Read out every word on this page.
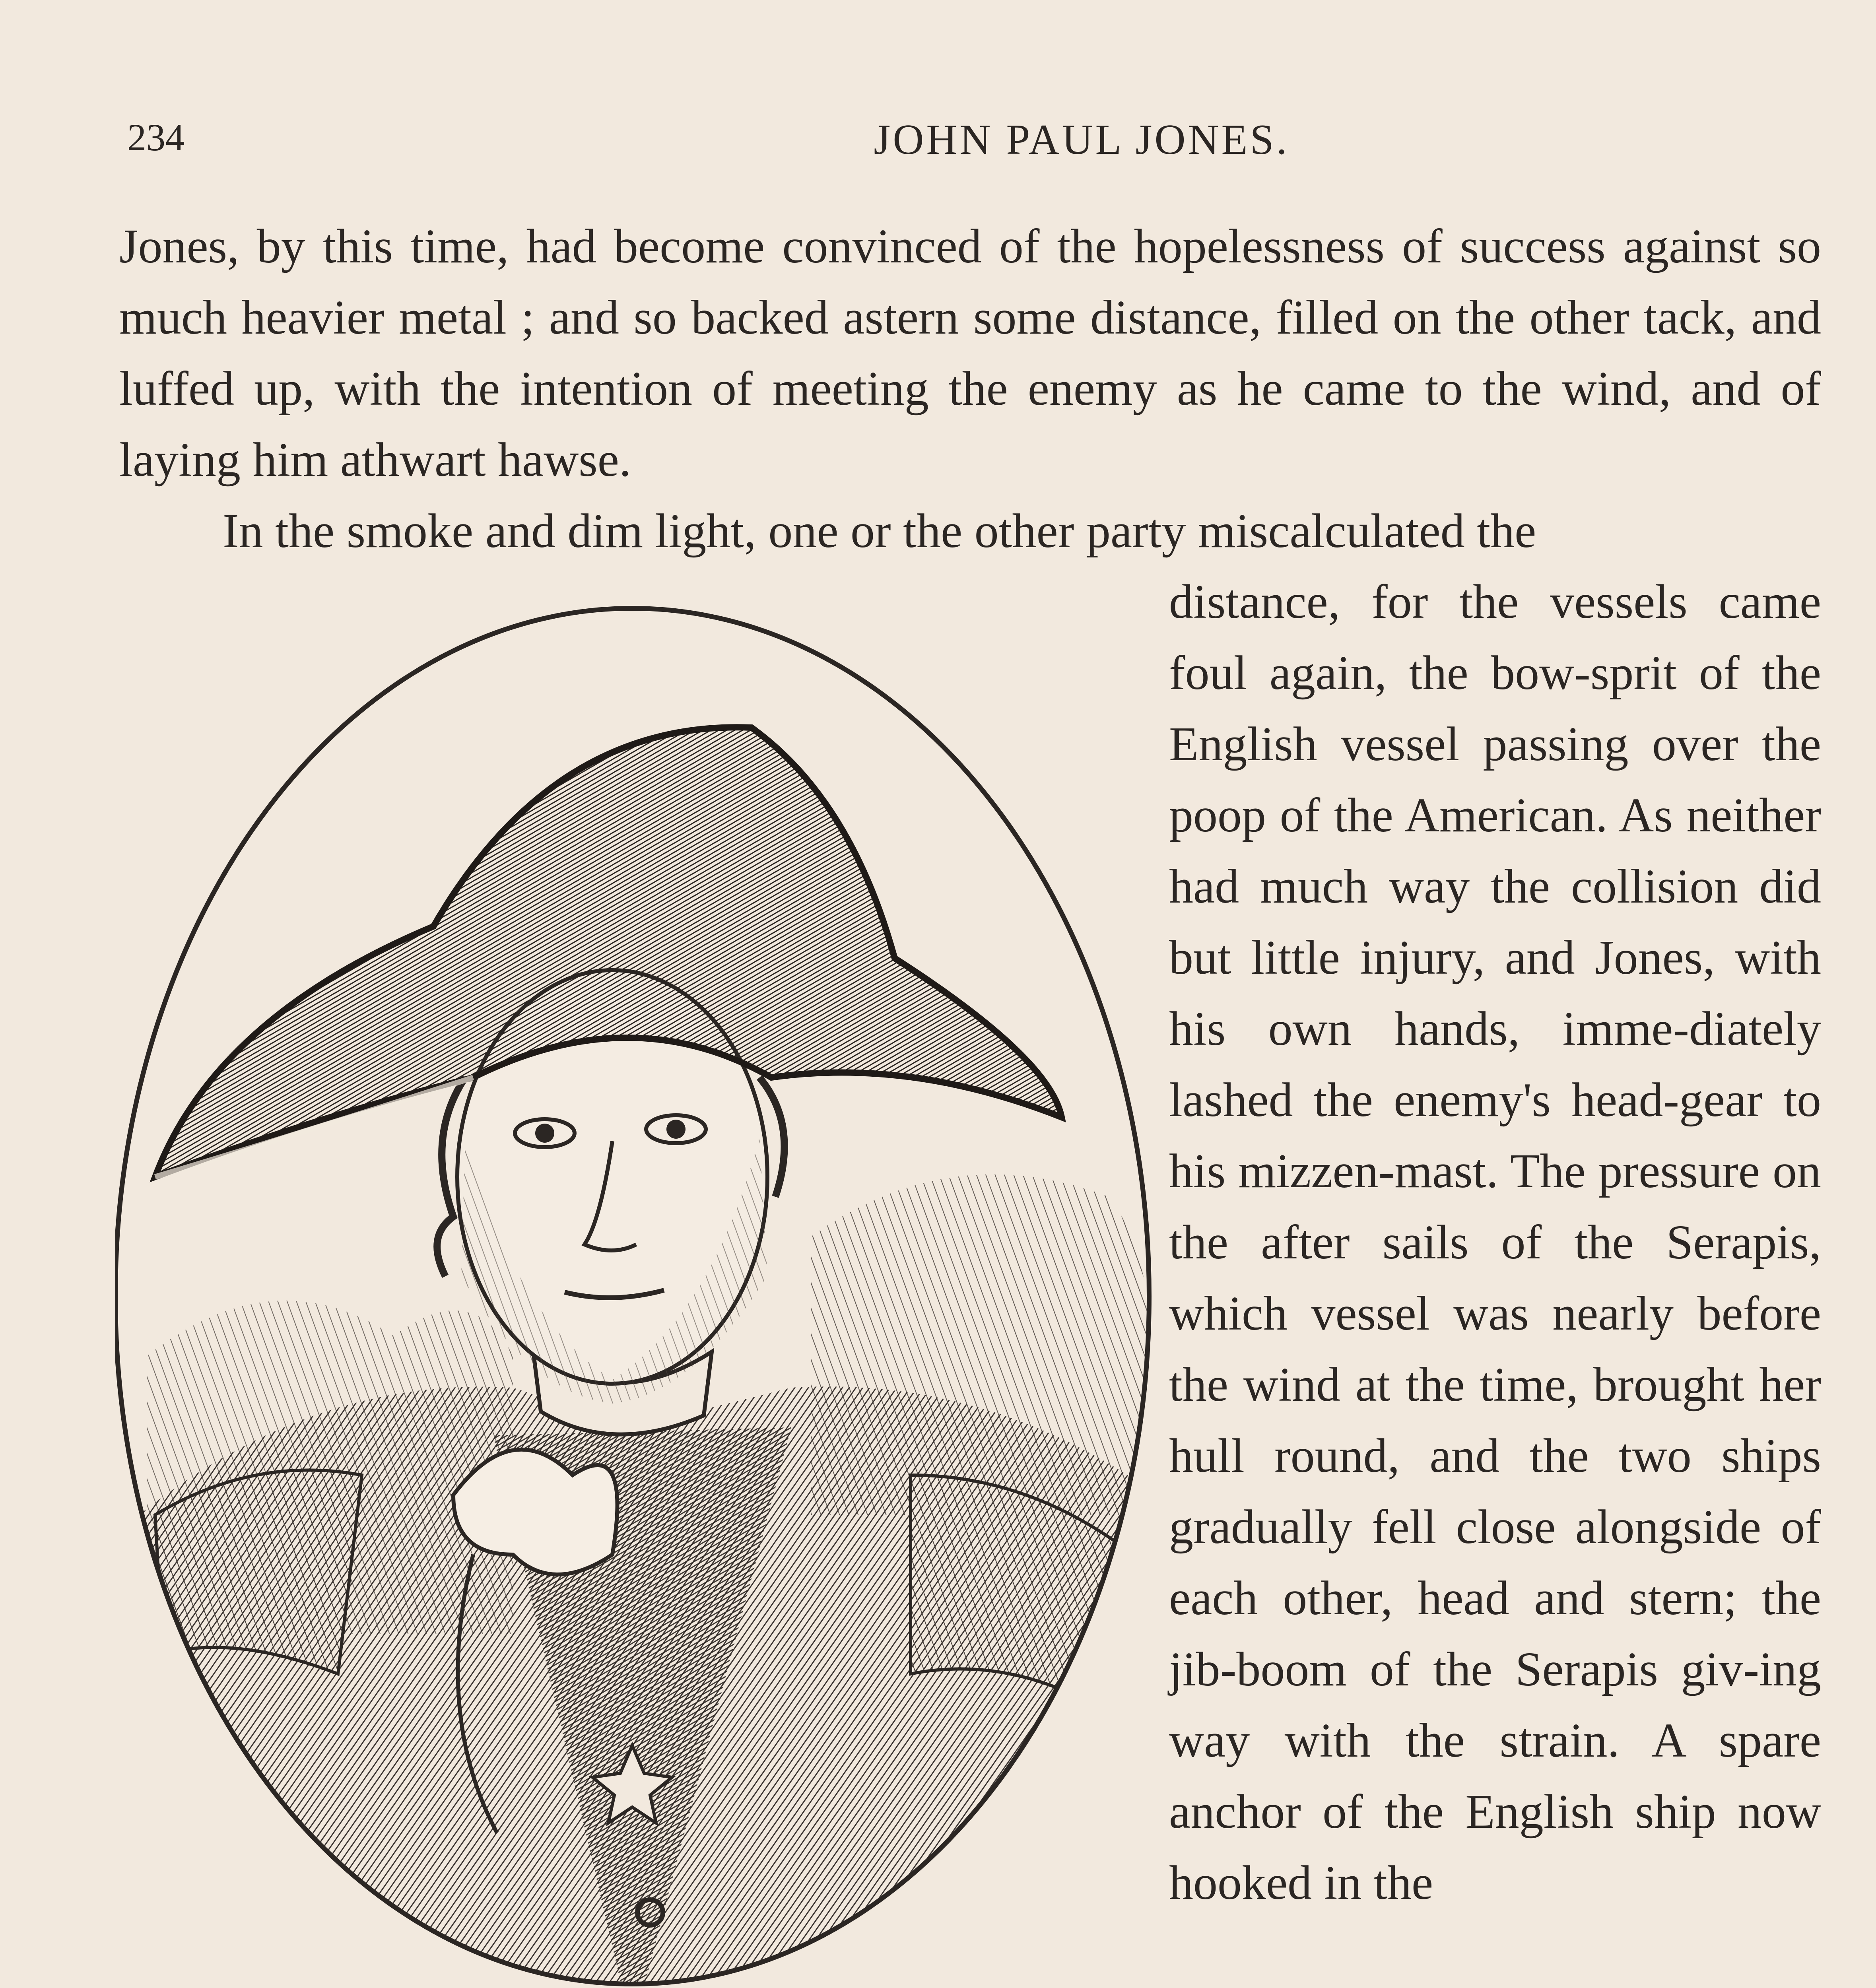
234	JOHN PAUL JONES.

Jones, by this time, had become convinced of the hopelessness of success against so much heavier metal ; and so backed astern some distance, filled on the other tack, and luffed up, with the intention of meeting the enemy as he came to the wind, and of laying him athwart hawse.

In the smoke and dim light, one or the other party miscalculated the

distance, for the vessels came foul again, the bow-sprit of the English vessel passing over the poop of the American. As neither had much way the collision did but little injury, and Jones, with his own hands, imme-diately lashed the enemy's head-gear to his mizzen-mast. The pressure on the after sails of the Serapis, which vessel was nearly before the wind at the time, brought her hull round, and the two ships gradually fell close alongside of each other, head and stern; the jib-boom of the Serapis giv-ing way with the strain. A spare anchor of the English ship now hooked in the
